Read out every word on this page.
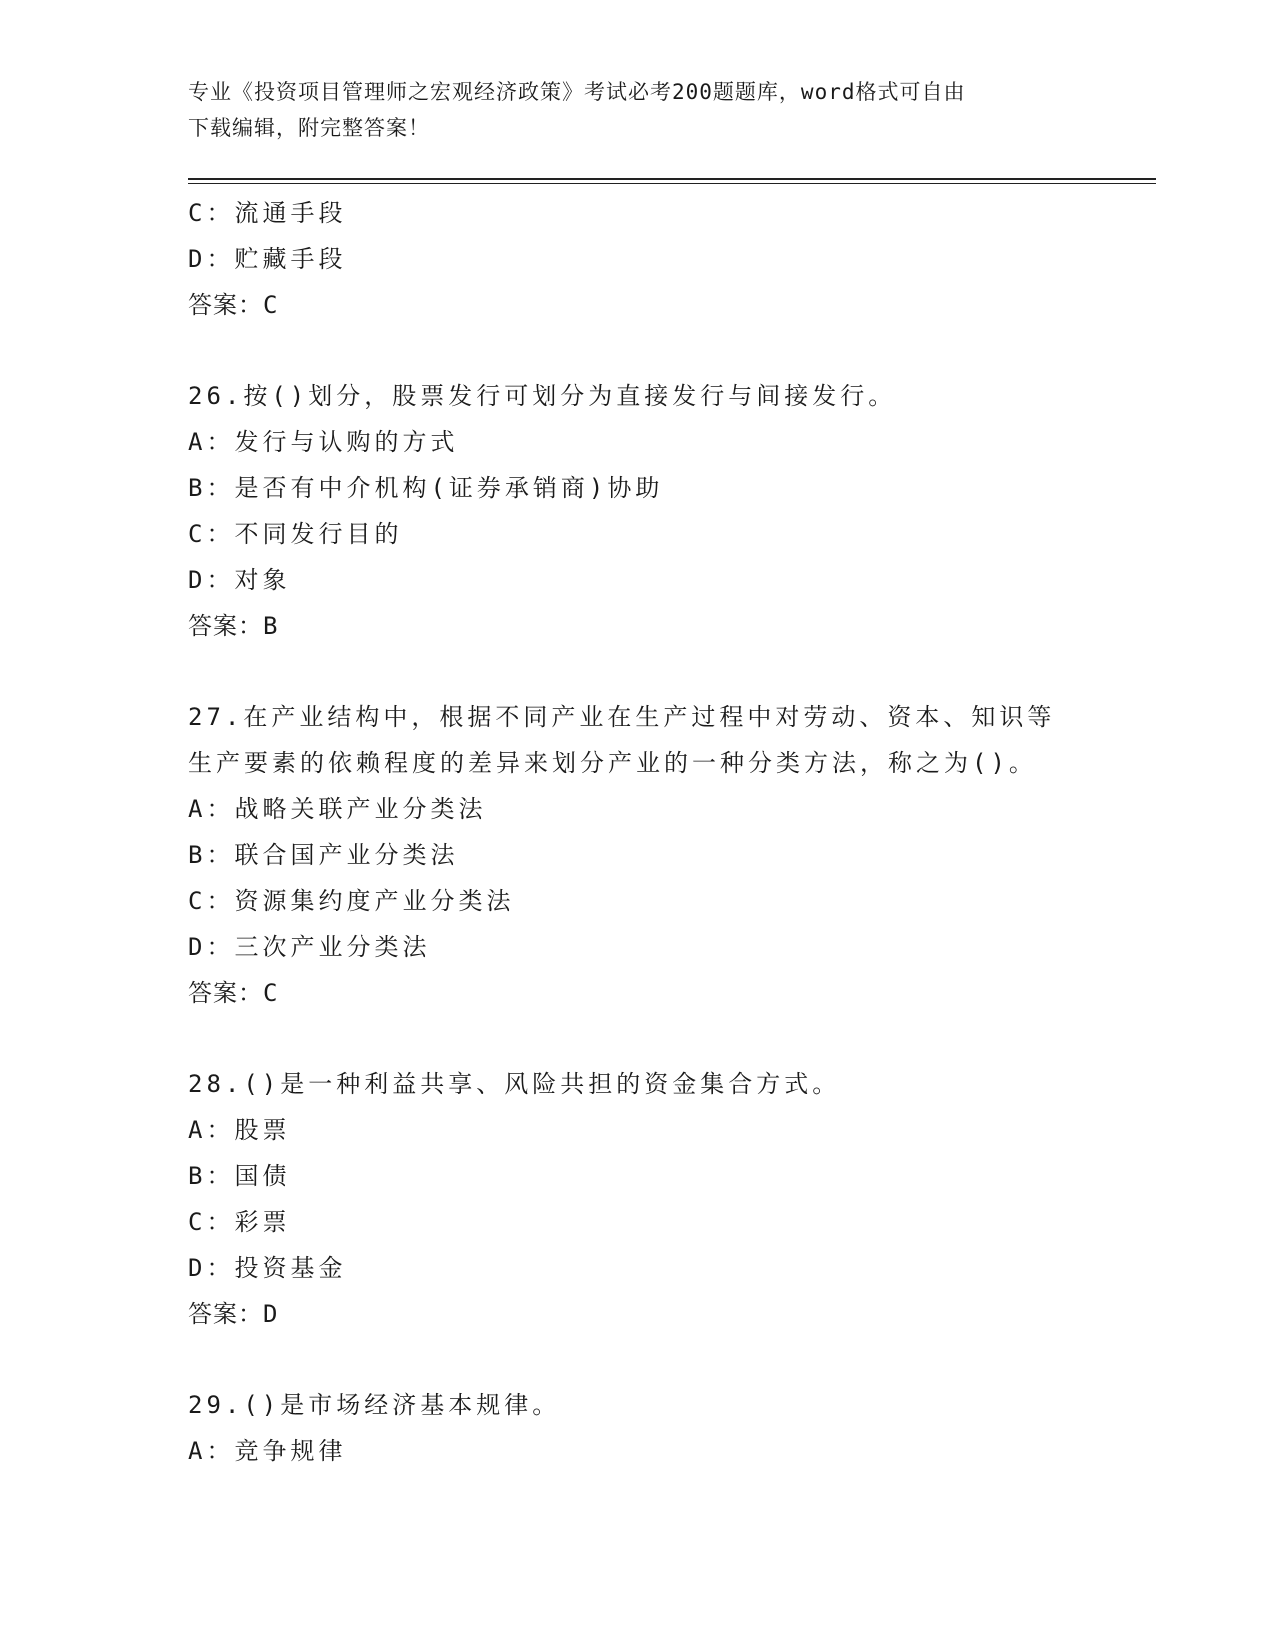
专业《投资项目管理师之宏观经济政策》考试必考200题题库，word格式可自由
下载编辑，附完整答案！
C：流通手段
D：贮藏手段
答案：C
26.按()划分，股票发行可划分为直接发行与间接发行。
A：发行与认购的方式
B：是否有中介机构(证券承销商)协助
C：不同发行目的
D：对象
答案：B
27.在产业结构中，根据不同产业在生产过程中对劳动、资本、知识等
生产要素的依赖程度的差异来划分产业的一种分类方法，称之为()。
A：战略关联产业分类法
B：联合国产业分类法
C：资源集约度产业分类法
D：三次产业分类法
答案：C
28.()是一种利益共享、风险共担的资金集合方式。
A：股票
B：国债
C：彩票
D：投资基金
答案：D
29.()是市场经济基本规律。
A：竞争规律
